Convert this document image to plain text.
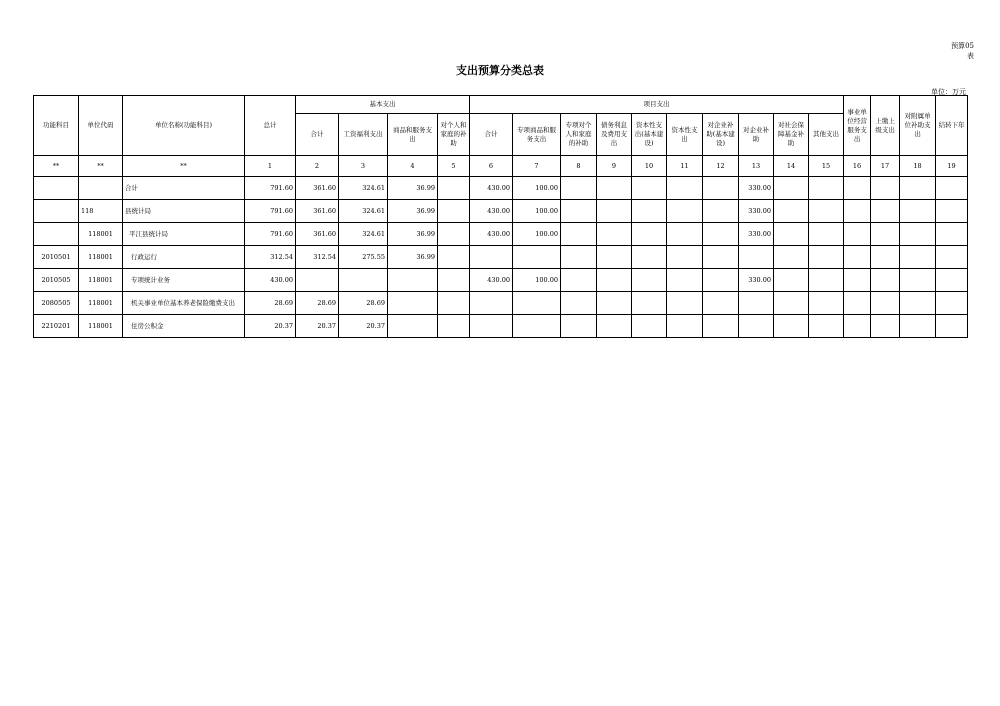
预算05
表
支出预算分类总表
单位：万元
功能科目	单位代码	单位名称(功能科目)	总计	基本支出				项目支出										事业单位经营服务支出	上缴上级支出	对附属单位补助支出	结转下年
				合计	工资福利支出	商品和服务支出	对个人和家庭的补助	合计	专项商品和服务支出	专项对个人和家庭的补助	债务利息及费用支出	资本性支出(基本建设)	资本性支出	对企业补助(基本建设)	对企业补助	对社会保障基金补助	其他支出				
**	**	**	1	2	3	4	5	6	7	8	9	10	11	12	13	14	15	16	17	18	19
		合计	791.60	361.60	324.61	36.99		430.00	100.00						330.00						
	118	县统计局	791.60	361.60	324.61	36.99		430.00	100.00						330.00						
	118001	平江县统计局	791.60	361.60	324.61	36.99		430.00	100.00						330.00						
2010501	118001	行政运行	312.54	312.54	275.55	36.99															
2010505	118001	专项统计业务	430.00					430.00	100.00						330.00						
2080505	118001	机关事业单位基本养老保险缴费支出	28.69	28.69	28.69																
2210201	118001	住房公积金	20.37	20.37	20.37																
